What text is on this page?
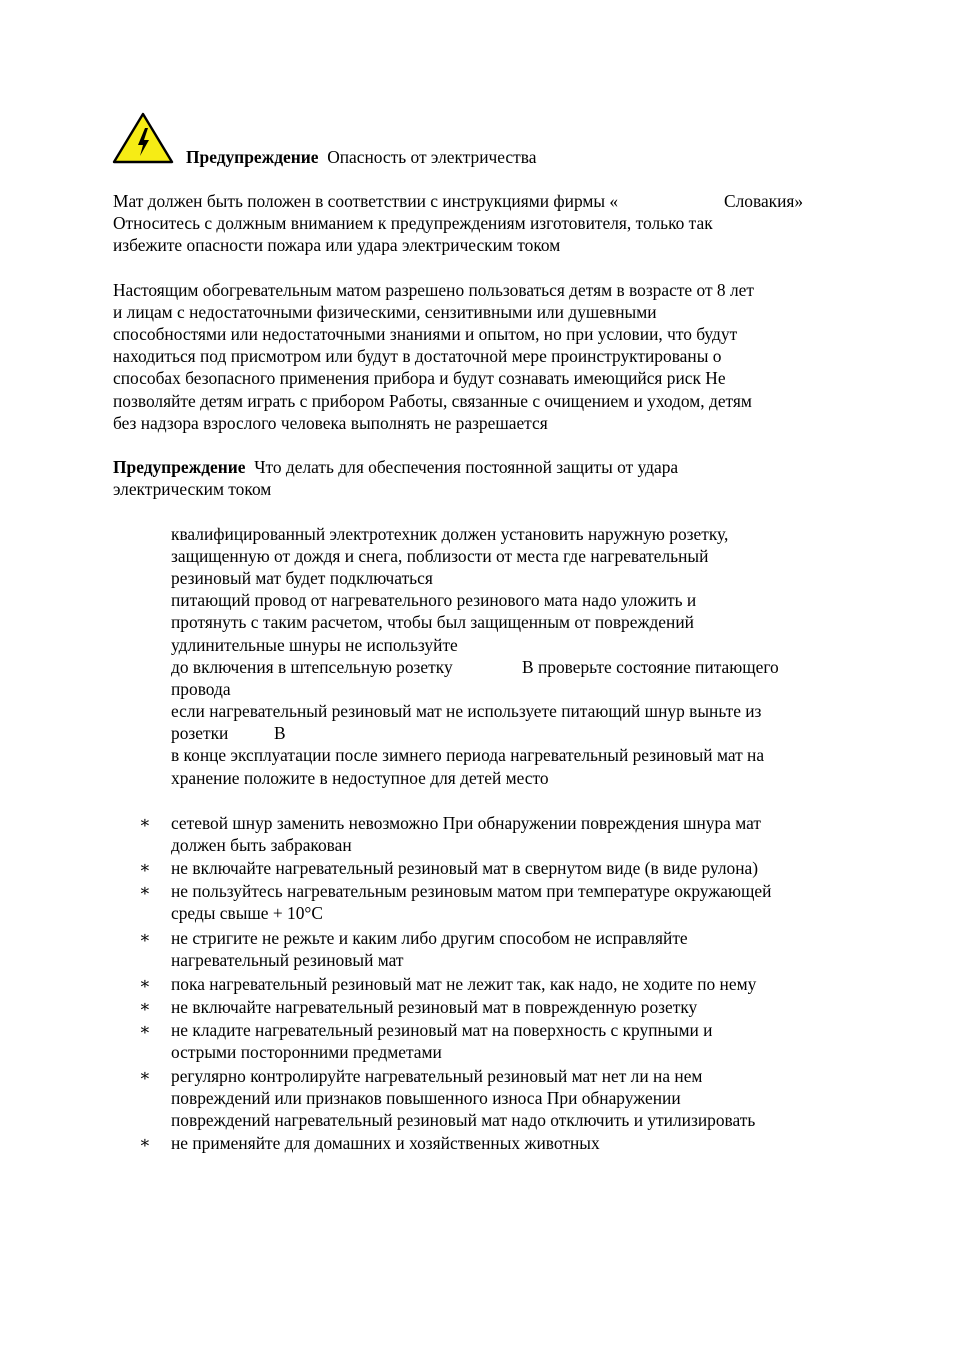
Предупреждение Опасность от электричества
Мат должен быть положен в соответствии с инструкциями фирмы «	Словакия»
Относитесь с должным вниманием к предупреждениям изготовителя, только так
избежите опасности пожара или удара электрическим током
Настоящим обогревательным матом разрешено пользоваться детям в возрасте от 8 лет
и лицам с недостаточными физическими, сензитивными или душевными
способностями или недостаточными знаниями и опытом, но при условии, что будут
находиться под присмотром или будут в достаточной мере проинструктированы о
способах безопасного применения прибора и будут сознавать имеющийся риск Не
позволяйте детям играть с прибором Работы, связанные с очищением и уходом, детям
без надзора взрослого человека выполнять не разрешается
Предупреждение Что делать для обеспечения постоянной защиты от удара
электрическим током
квалифицированный электротехник должен установить наружную розетку,
защищенную от дождя и снега, поблизости от места где нагревательный
резиновый мат будет подключаться
питающий провод от нагревательного резинового мата надо уложить и
протянуть с таким расчетом, чтобы был защищенным от повреждений
удлинительные шнуры не используйте
до включения в штепсельную розетку	В проверьте состояние питающего
провода
если нагревательный резиновый мат не используете питающий шнур выньте из
розетки	В
в конце эксплуатации после зимнего периода нагревательный резиновый мат на
хранение положите в недоступное для детей место
∗ сетевой шнур заменить невозможно При обнаружении повреждения шнура мат
должен быть забракован
∗ не включайте нагревательный резиновый мат в свернутом виде (в виде рулона)
∗ не пользуйтесь нагревательным резиновым матом при температуре окружающей
среды свыше + 10°C
∗ не стригите не режьте и каким либо другим способом не исправляйте
нагревательный резиновый мат
∗ пока нагревательный резиновый мат не лежит так, как надо, не ходите по нему
∗ не включайте нагревательный резиновый мат в поврежденную розетку
∗ не кладите нагревательный резиновый мат на поверхность с крупными и
острыми посторонними предметами
∗ регулярно контролируйте нагревательный резиновый мат нет ли на нем
повреждений или признаков повышенного износа При обнаружении
повреждений нагревательный резиновый мат надо отключить и утилизировать
∗ не применяйте для домашних и хозяйственных животных
